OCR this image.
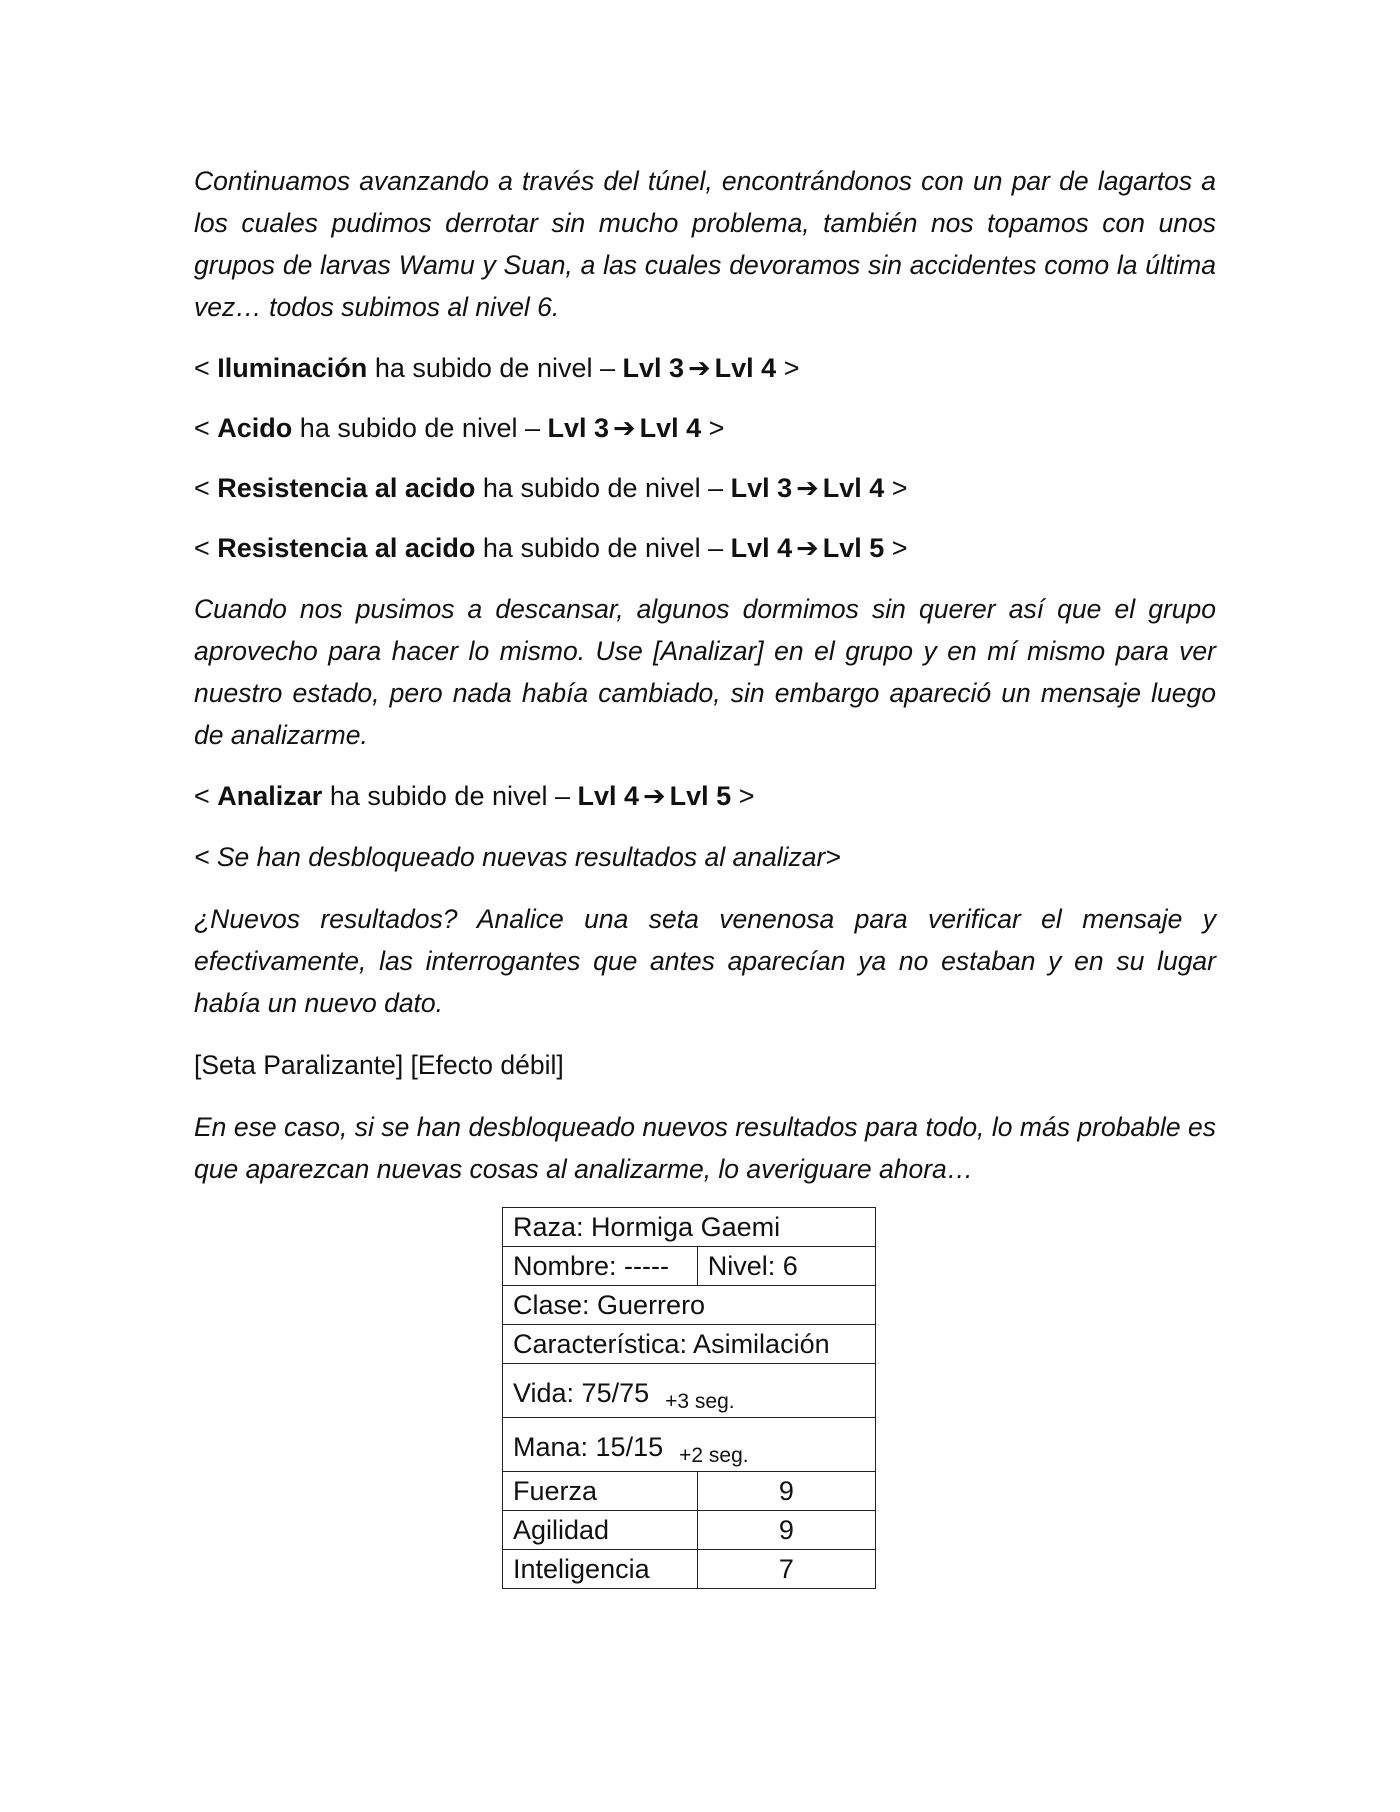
Continuamos avanzando a través del túnel, encontrándonos con un par de lagartos a los cuales pudimos derrotar sin mucho problema, también nos topamos con unos grupos de larvas Wamu y Suan, a las cuales devoramos sin accidentes como la última vez… todos subimos al nivel 6.

< Iluminación ha subido de nivel – Lvl 3 ➔ Lvl 4 >
< Acido ha subido de nivel – Lvl 3 ➔ Lvl 4 >
< Resistencia al acido ha subido de nivel – Lvl 3 ➔ Lvl 4 >
< Resistencia al acido ha subido de nivel – Lvl 4 ➔ Lvl 5 >

Cuando nos pusimos a descansar, algunos dormimos sin querer así que el grupo aprovecho para hacer lo mismo. Use [Analizar] en el grupo y en mí mismo para ver nuestro estado, pero nada había cambiado, sin embargo apareció un mensaje luego de analizarme.

< Analizar ha subido de nivel – Lvl 4 ➔ Lvl 5 >

< Se han desbloqueado nuevas resultados al analizar>

¿Nuevos resultados? Analice una seta venenosa para verificar el mensaje y efectivamente, las interrogantes que antes aparecían ya no estaban y en su lugar había un nuevo dato.

[Seta Paralizante] [Efecto débil]

En ese caso, si se han desbloqueado nuevos resultados para todo, lo más probable es que aparezcan nuevas cosas al analizarme, lo averiguare ahora…

Raza: Hormiga Gaemi	
Nombre: -----	Nivel: 6
Clase: Guerrero	
Característica: Asimilación	
Vida: 75/75 $_{+3 seg.}$
Mana: 15/15 $_{+2 seg.}$
Fuerza	9
Agilidad	9
Inteligencia	7
